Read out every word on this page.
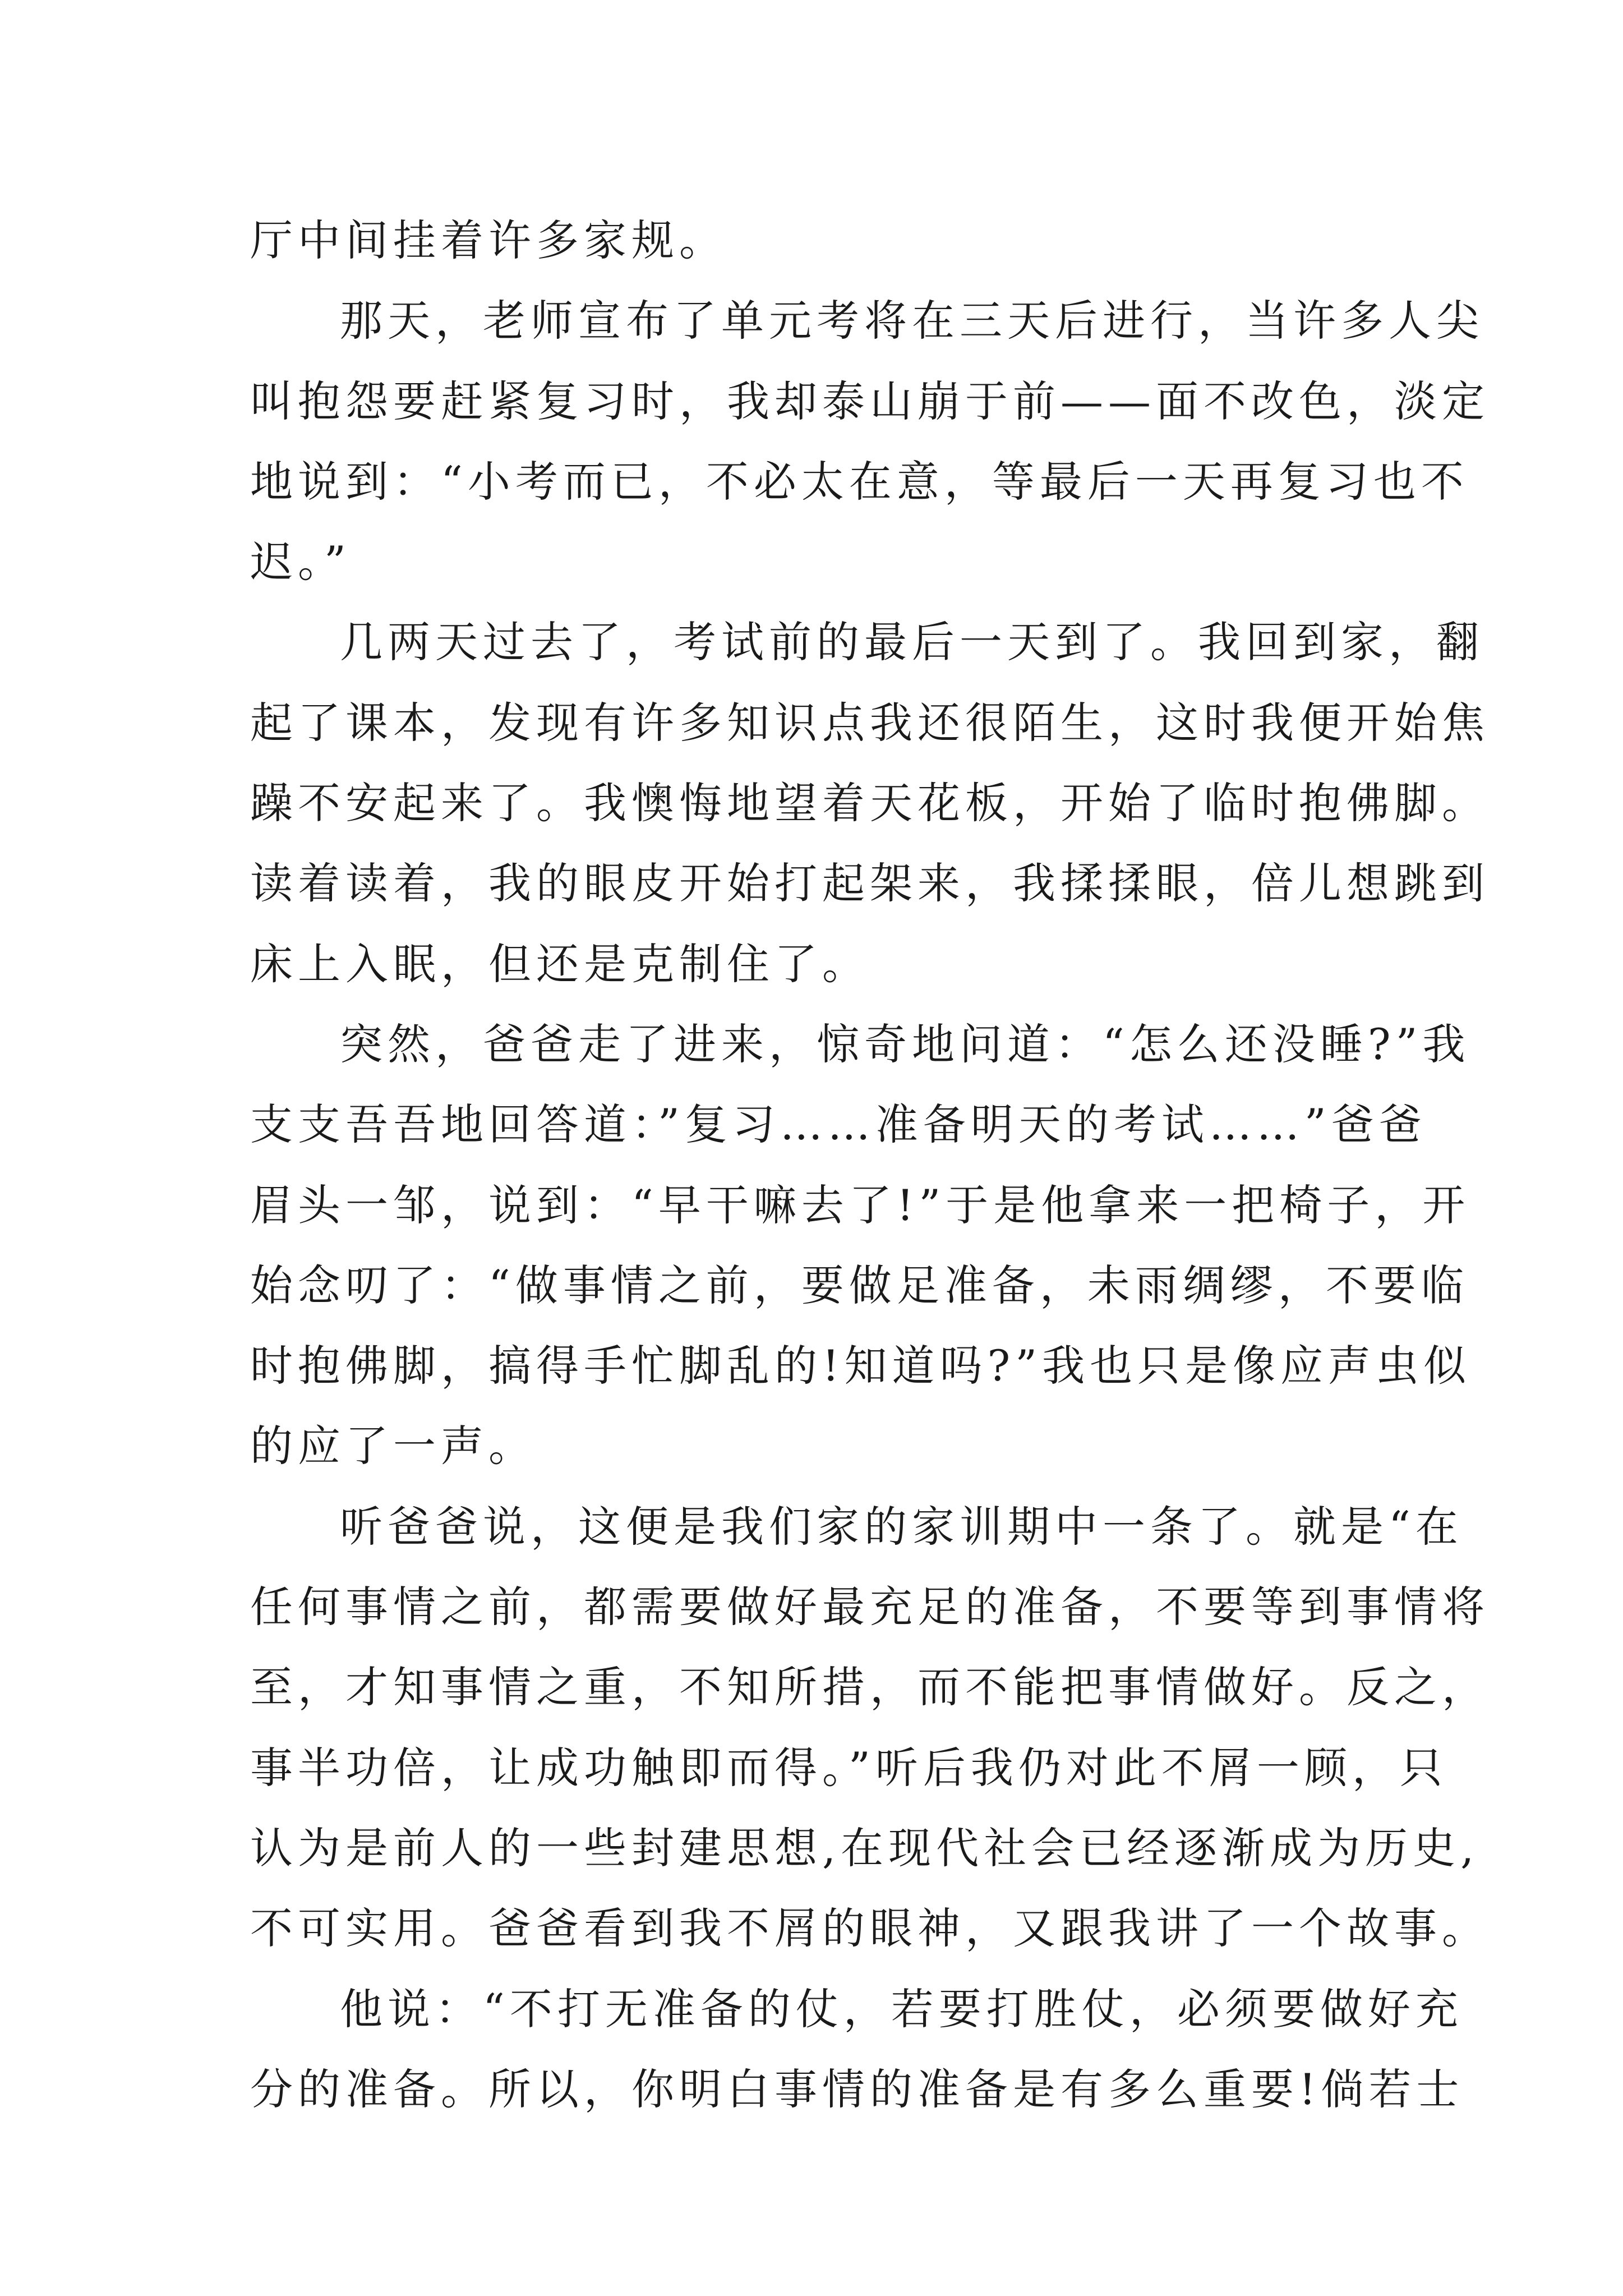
厅中间挂着许多家规。
那天，老师宣布了单元考将在三天后进行，当许多人尖
叫抱怨要赶紧复习时，我却泰山崩于前——面不改色，淡定
地说到：“小考而已，不必太在意，等最后一天再复习也不
迟。”
几两天过去了，考试前的最后一天到了。我回到家，翻
起了课本，发现有许多知识点我还很陌生，这时我便开始焦
躁不安起来了。我懊悔地望着天花板，开始了临时抱佛脚。
读着读着，我的眼皮开始打起架来，我揉揉眼，倍儿想跳到
床上入眠，但还是克制住了。
突然，爸爸走了进来，惊奇地问道：“怎么还没睡?”我
支支吾吾地回答道：”复习……准备明天的考试……”爸爸
眉头一邹，说到：“早干嘛去了!”于是他拿来一把椅子，开
始念叨了：“做事情之前，要做足准备，未雨绸缪，不要临
时抱佛脚，搞得手忙脚乱的!知道吗?”我也只是像应声虫似
的应了一声。
听爸爸说，这便是我们家的家训期中一条了。就是“在
任何事情之前，都需要做好最充足的准备，不要等到事情将
至，才知事情之重，不知所措，而不能把事情做好。反之，
事半功倍，让成功触即而得。”听后我仍对此不屑一顾，只
认为是前人的一些封建思想,在现代社会已经逐渐成为历史,
不可实用。爸爸看到我不屑的眼神，又跟我讲了一个故事。
他说：“不打无准备的仗，若要打胜仗，必须要做好充
分的准备。所以，你明白事情的准备是有多么重要!倘若士
